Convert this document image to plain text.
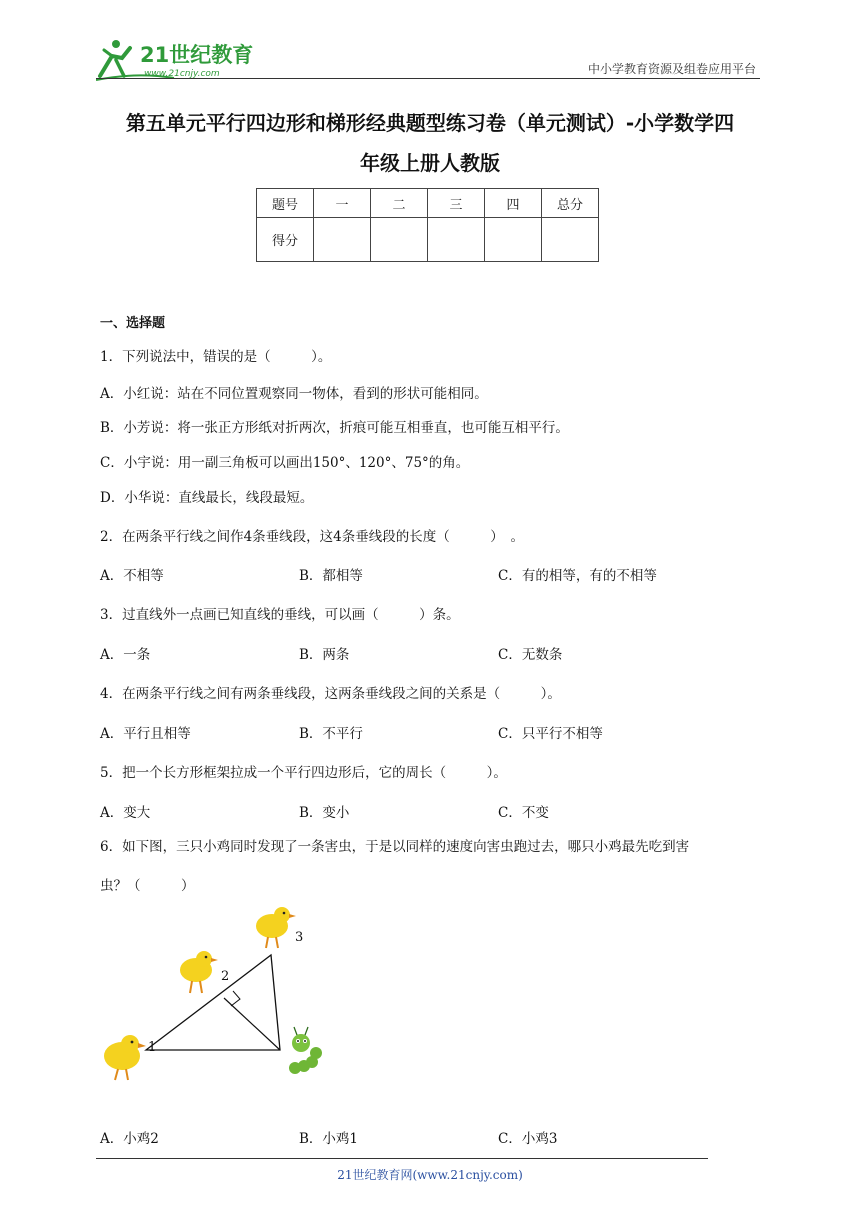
21世纪教育
www.21cnjy.com	中小学教育资源及组卷应用平台
第五单元平行四边形和梯形经典题型练习卷（单元测试）-小学数学四
年级上册人教版
题号	一	二	三	四	总分
得分					
一、选择题
1．下列说法中，错误的是（　　　）。
A．小红说：站在不同位置观察同一物体，看到的形状可能相同。
B．小芳说：将一张正方形纸对折两次，折痕可能互相垂直，也可能互相平行。
C．小宇说：用一副三角板可以画出150°、120°、75°的角。
D．小华说：直线最长，线段最短。
2．在两条平行线之间作4条垂线段，这4条垂线段的长度（　　　）　。
A．不相等	B．都相等	C．有的相等，有的不相等
3．过直线外一点画已知直线的垂线，可以画（　　　）条。
A．一条	B．两条	C．无数条
4．在两条平行线之间有两条垂线段，这两条垂线段之间的关系是（　　　）。
A．平行且相等	B．不平行	C．只平行不相等
5．把一个长方形框架拉成一个平行四边形后，它的周长（　　　）。
A．变大	B．变小	C．不变
6．如下图，三只小鸡同时发现了一条害虫，于是以同样的速度向害虫跑过去，哪只小鸡最先吃到害
虫？（　　　）
1
2
3
A．小鸡2	B．小鸡1	C．小鸡3
21世纪教育网(www.21cnjy.com)
